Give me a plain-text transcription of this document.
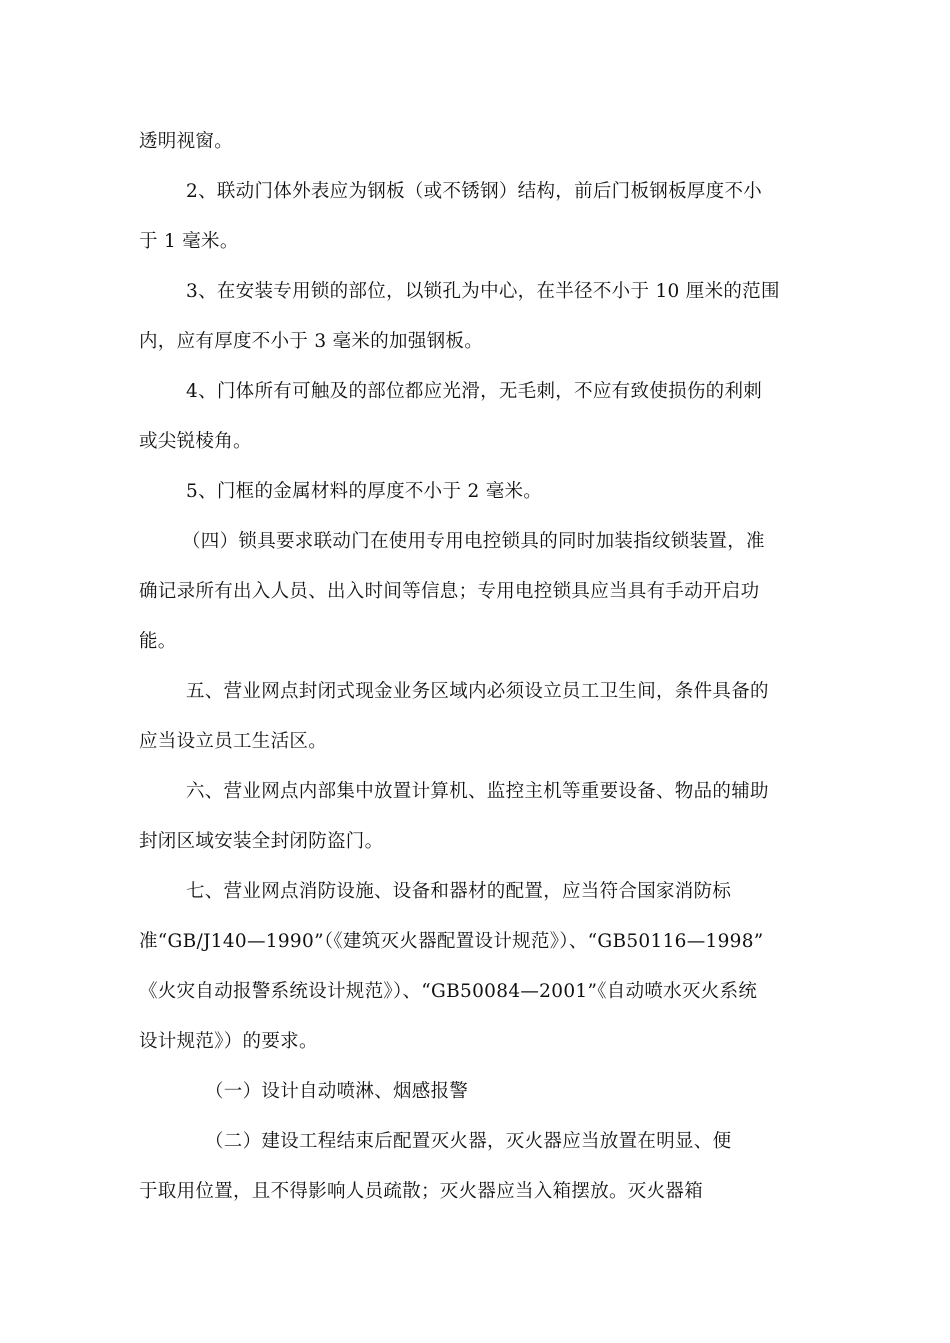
透明视窗。
2、联动门体外表应为钢板（或不锈钢）结构，前后门板钢板厚度不小
于 1 毫米。
3、在安装专用锁的部位，以锁孔为中心，在半径不小于 10 厘米的范围
内，应有厚度不小于 3 毫米的加强钢板。
4、门体所有可触及的部位都应光滑，无毛刺，不应有致使损伤的利刺
或尖锐棱角。
5、门框的金属材料的厚度不小于 2 毫米。
（四）锁具要求联动门在使用专用电控锁具的同时加装指纹锁装置，准
确记录所有出入人员、出入时间等信息；专用电控锁具应当具有手动开启功
能。
五、营业网点封闭式现金业务区域内必须设立员工卫生间，条件具备的
应当设立员工生活区。
六、营业网点内部集中放置计算机、监控主机等重要设备、物品的辅助
封闭区域安装全封闭防盗门。
七、营业网点消防设施、设备和器材的配置，应当符合国家消防标
准“GB/J140—1990”（《建筑灭火器配置设计规范》）、“GB50116—1998”
《火灾自动报警系统设计规范》）、“GB50084—2001”《自动喷水灭火系统
设计规范》）的要求。
（一）设计自动喷淋、烟感报警
（二）建设工程结束后配置灭火器，灭火器应当放置在明显、便
于取用位置，且不得影响人员疏散；灭火器应当入箱摆放。灭火器箱
